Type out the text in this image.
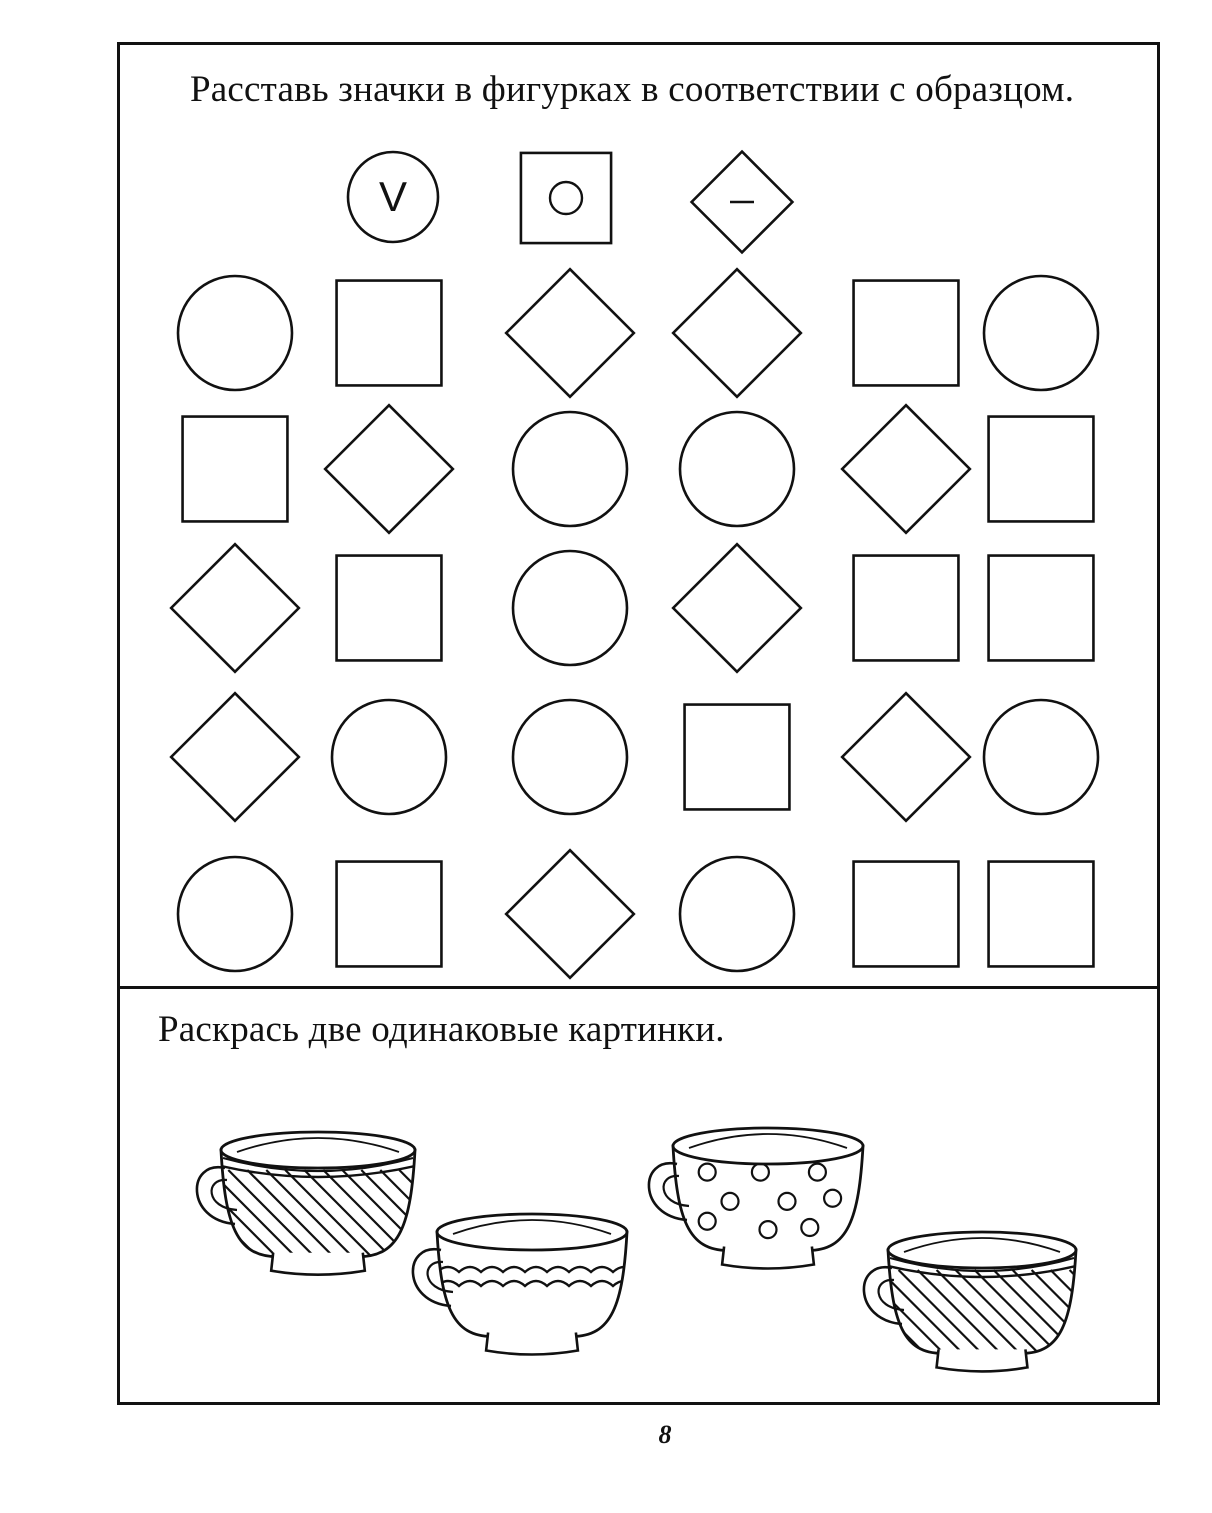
Расставь значки в фигурках в соответствии с образцом.
Раскрась две одинаковые картинки.
V
8
